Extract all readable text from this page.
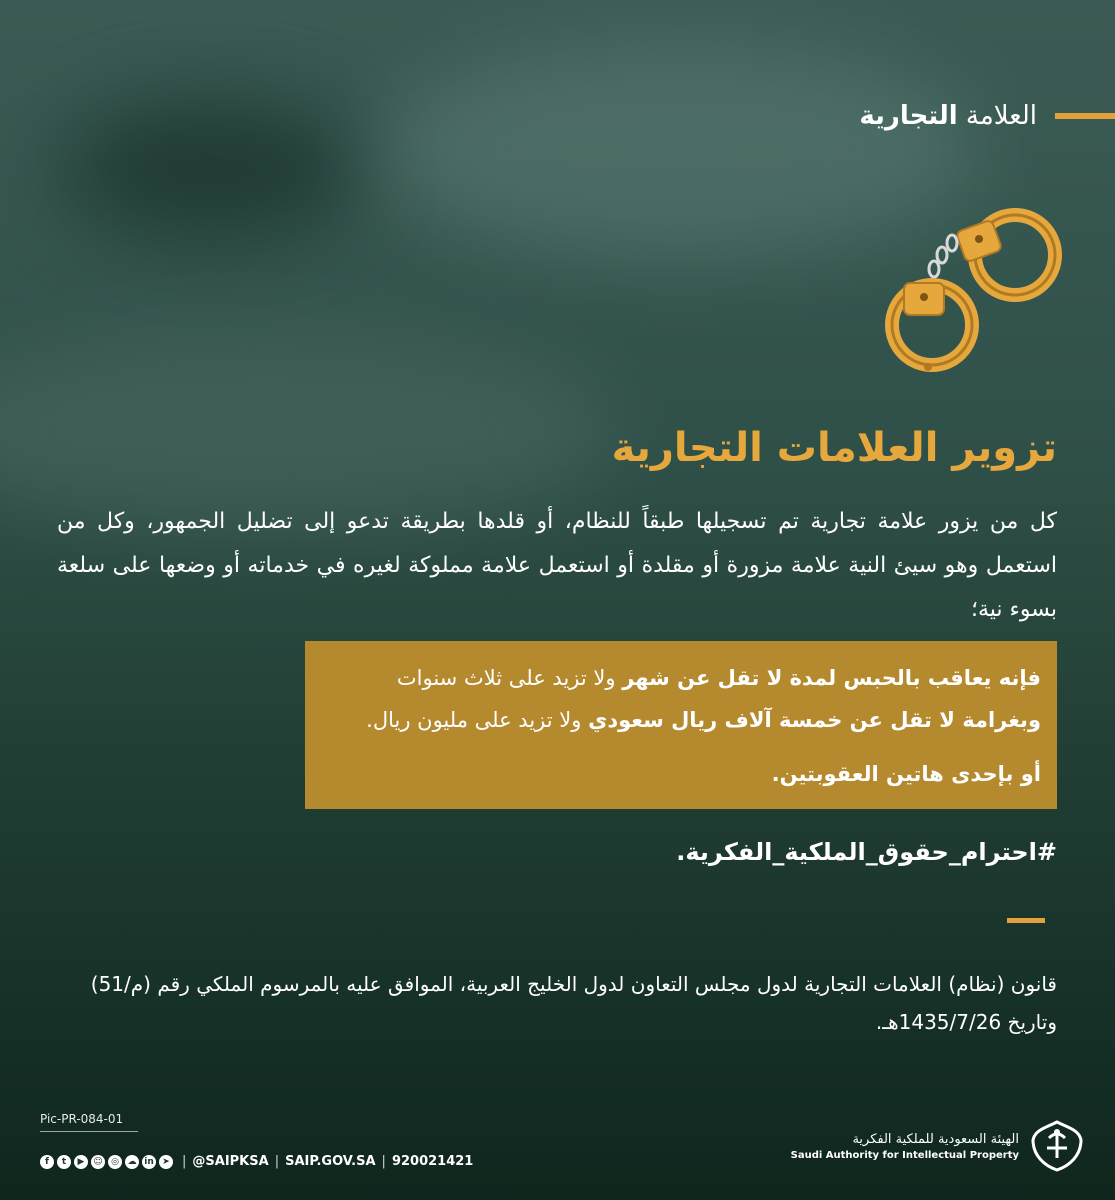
العلامة التجارية
تزوير العلامات التجارية
كل من يزور علامة تجارية تم تسجيلها طبقاً للنظام، أو قلدها بطريقة تدعو إلى تضليل الجمهور، وكل من استعمل وهو سيئ النية علامة مزورة أو مقلدة أو استعمل علامة مملوكة لغيره في خدماته أو وضعها على سلعة بسوء نية؛
فإنه يعاقب بالحبس لمدة لا تقل عن شهر ولا تزيد على ثلاث سنوات
وبغرامة لا تقل عن خمسة آلاف ريال سعودي ولا تزيد على مليون ريال.
أو بإحدى هاتين العقوبتين.
#احترام_حقوق_الملكية_الفكرية.
قانون (نظام) العلامات التجارية لدول مجلس التعاون لدول الخليج العربية، الموافق عليه بالمرسوم الملكي رقم (م/51) وتاريخ 1435/7/26هـ.
Pic-PR-084-01
f	t	▶ ☺ ◎ ☁ in ➤ | @SAIPKSA | SAIP.GOV.SA | 920021421
الهيئة السعودية للملكية الفكرية
Saudi Authority for Intellectual Property
